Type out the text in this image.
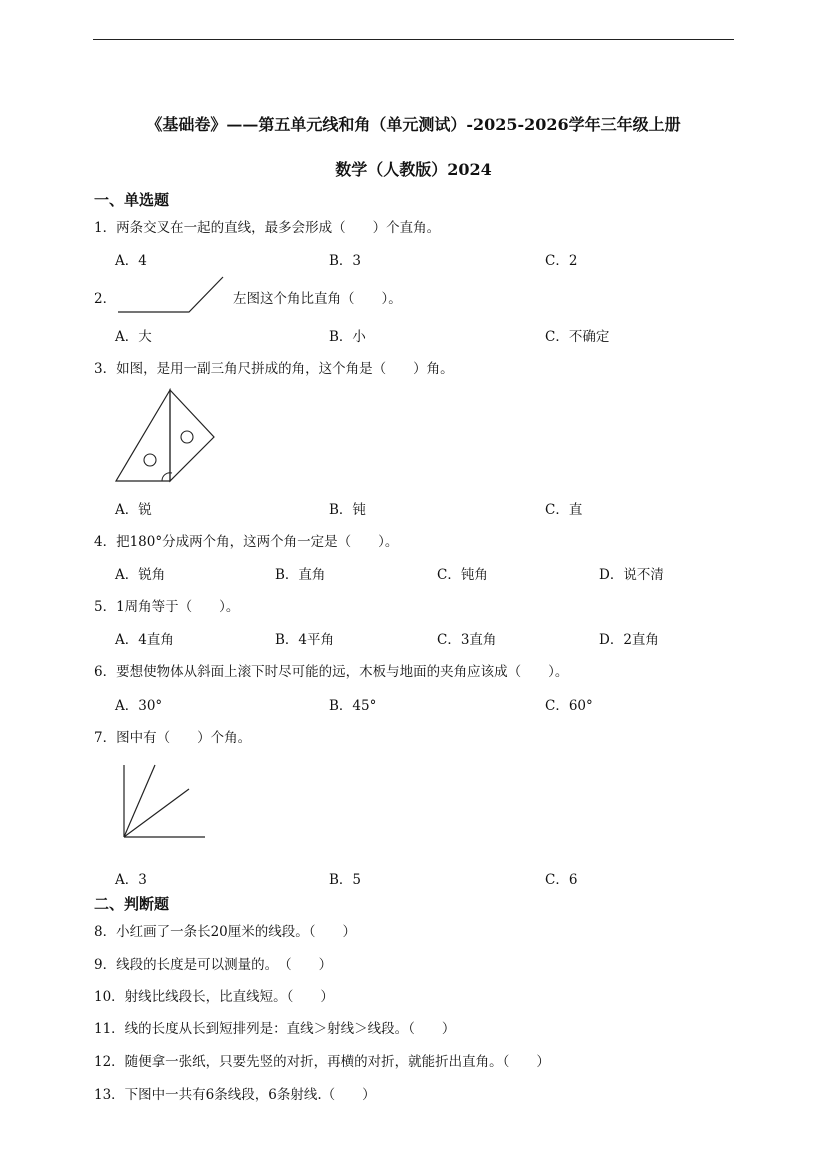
《基础卷》——第五单元线和角（单元测试）-2025-2026学年三年级上册
数学（人教版）2024
一、单选题
1．两条交叉在一起的直线，最多会形成（　　）个直角。
A．4	B．3	C．2
2．	左图这个角比直角（　　）。
A．大	B．小	C．不确定
3．如图，是用一副三角尺拼成的角，这个角是（　　）角。
A．锐	B．钝	C．直
4．把180°分成两个角，这两个角一定是（　　）。
A．锐角	B．直角	C．钝角	D．说不清
5．1周角等于（　　）。
A．4直角	B．4平角	C．3直角	D．2直角
6．要想使物体从斜面上滚下时尽可能的远，木板与地面的夹角应该成（　　）。
A．30°	B．45°	C．60°
7．图中有（　　）个角。
A．3	B．5	C．6
二、判断题
8．小红画了一条长20厘米的线段。（　　）
9．线段的长度是可以测量的。　（　　）
10．射线比线段长，比直线短。（　　）
11．线的长度从长到短排列是：直线＞射线＞线段。（　　）
12．随便拿一张纸，只要先竖的对折，再横的对折，就能折出直角。（　　）
13．下图中一共有6条线段，6条射线.（　　）
